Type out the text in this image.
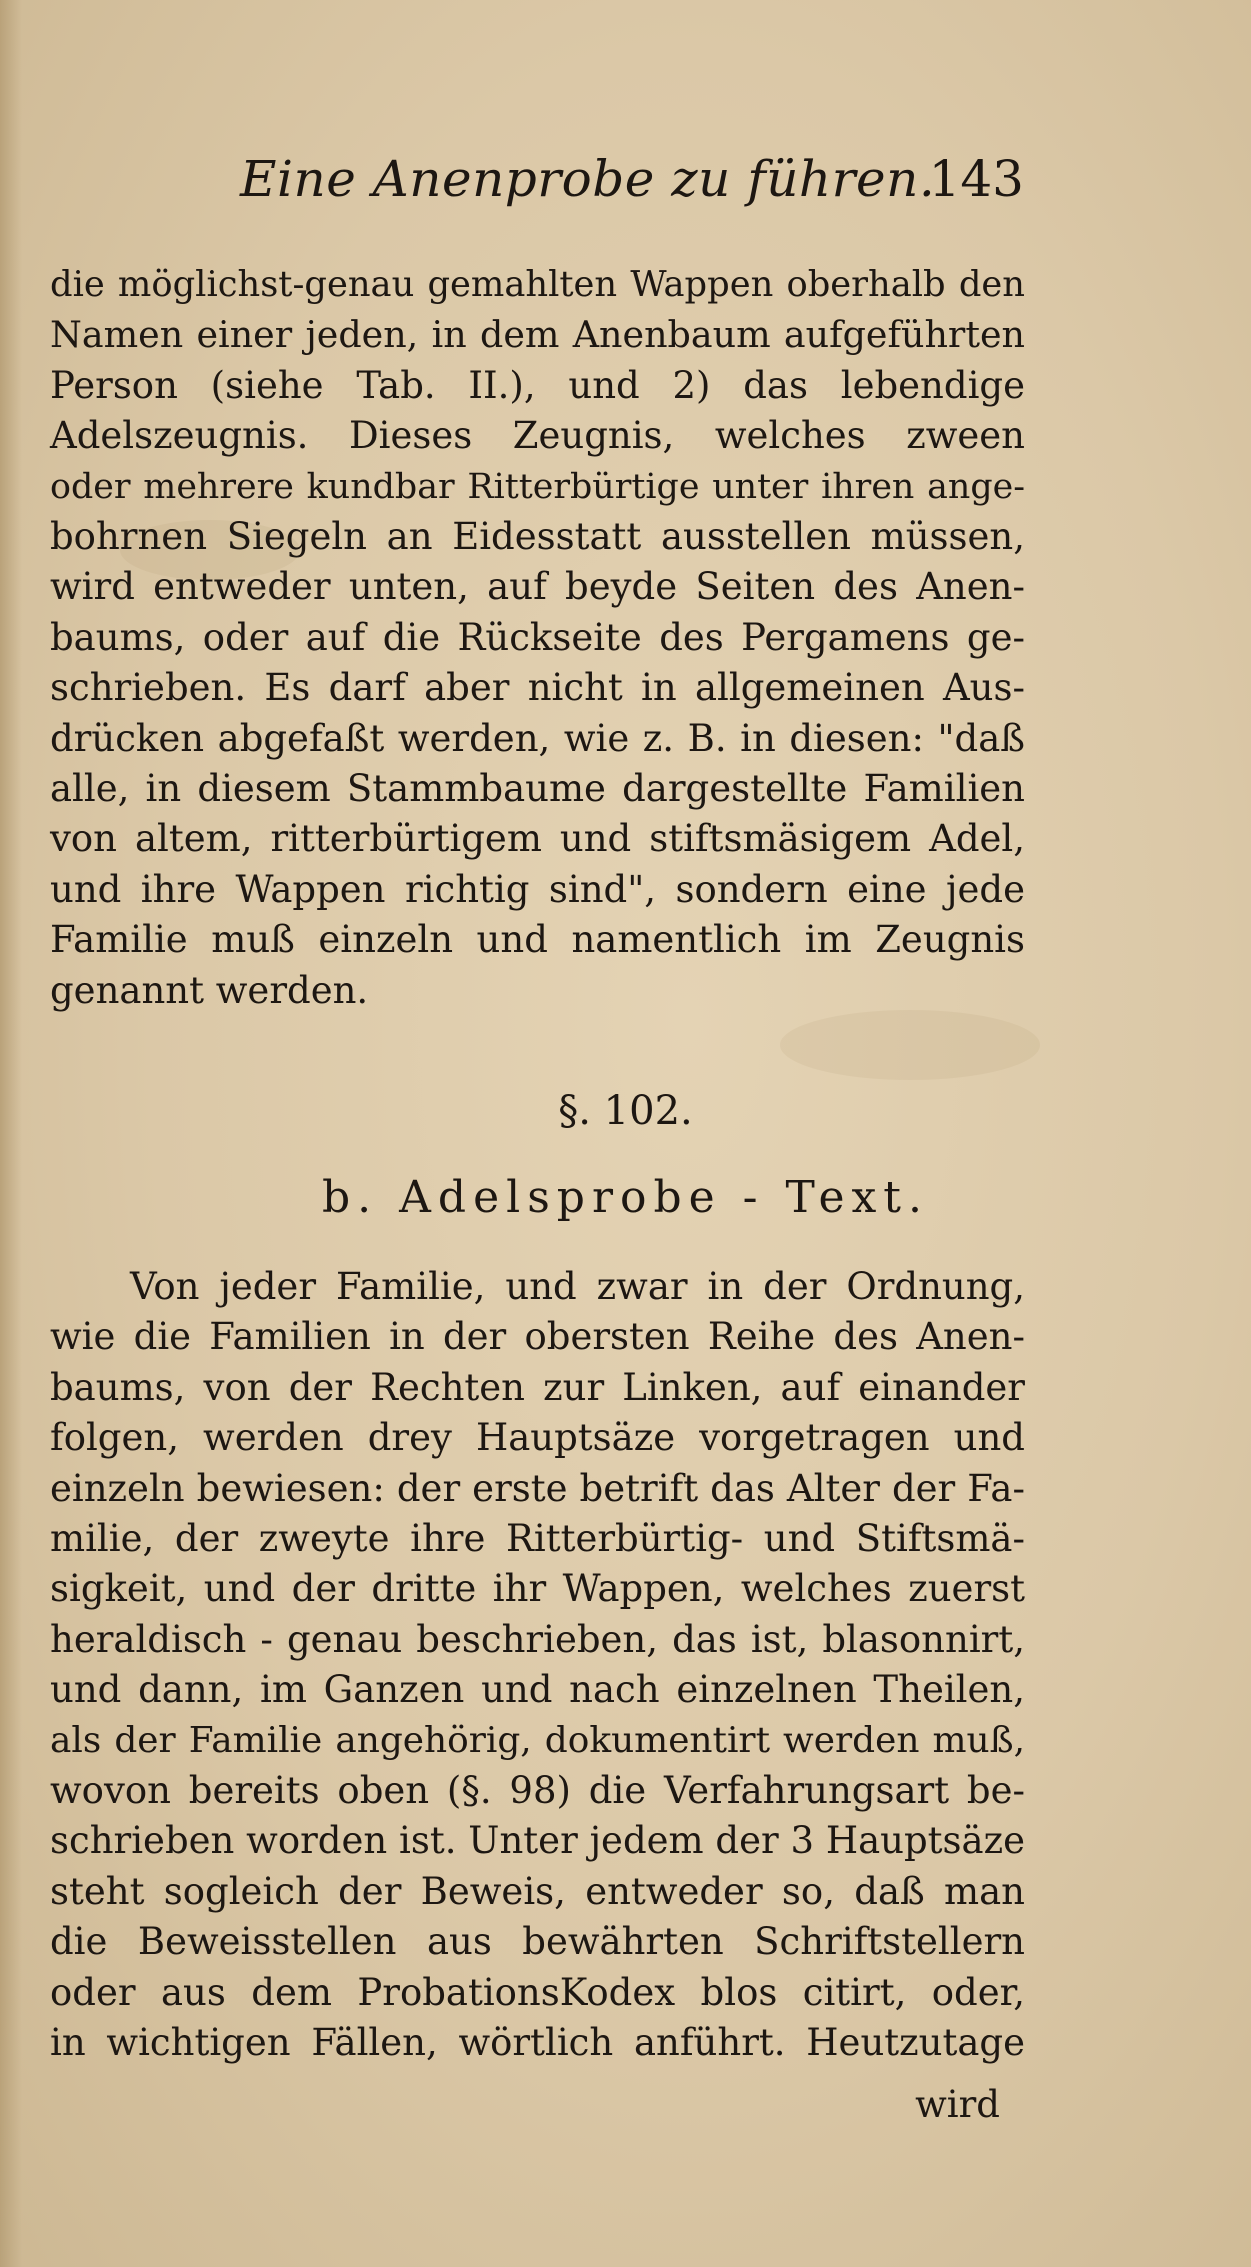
Eine Anenprobe zu führen.
143
die möglichst-genau gemahlten Wappen oberhalb den
Namen einer jeden, in dem Anenbaum aufgeführten
Person (siehe Tab. II.), und 2) das lebendige
Adelszeugnis. Dieses Zeugnis, welches zween
oder mehrere kundbar Ritterbürtige unter ihren ange-
bohrnen Siegeln an Eidesstatt ausstellen müssen,
wird entweder unten, auf beyde Seiten des Anen-
baums, oder auf die Rückseite des Pergamens ge-
schrieben. Es darf aber nicht in allgemeinen Aus-
drücken abgefaßt werden, wie z. B. in diesen: "daß
alle, in diesem Stammbaume dargestellte Familien
von altem, ritterbürtigem und stiftsmäsigem Adel,
und ihre Wappen richtig sind", sondern eine jede
Familie muß einzeln und namentlich im Zeugnis
genannt werden.
§. 102.
b. Adelsprobe - Text.
Von jeder Familie, und zwar in der Ordnung,
wie die Familien in der obersten Reihe des Anen-
baums, von der Rechten zur Linken, auf einander
folgen, werden drey Hauptsäze vorgetragen und
einzeln bewiesen: der erste betrift das Alter der Fa-
milie, der zweyte ihre Ritterbürtig- und Stiftsmä-
sigkeit, und der dritte ihr Wappen, welches zuerst
heraldisch - genau beschrieben, das ist, blasonnirt,
und dann, im Ganzen und nach einzelnen Theilen,
als der Familie angehörig, dokumentirt werden muß,
wovon bereits oben (§. 98) die Verfahrungsart be-
schrieben worden ist. Unter jedem der 3 Hauptsäze
steht sogleich der Beweis, entweder so, daß man
die Beweisstellen aus bewährten Schriftstellern
oder aus dem ProbationsKodex blos citirt, oder,
in wichtigen Fällen, wörtlich anführt. Heutzutage
wird
